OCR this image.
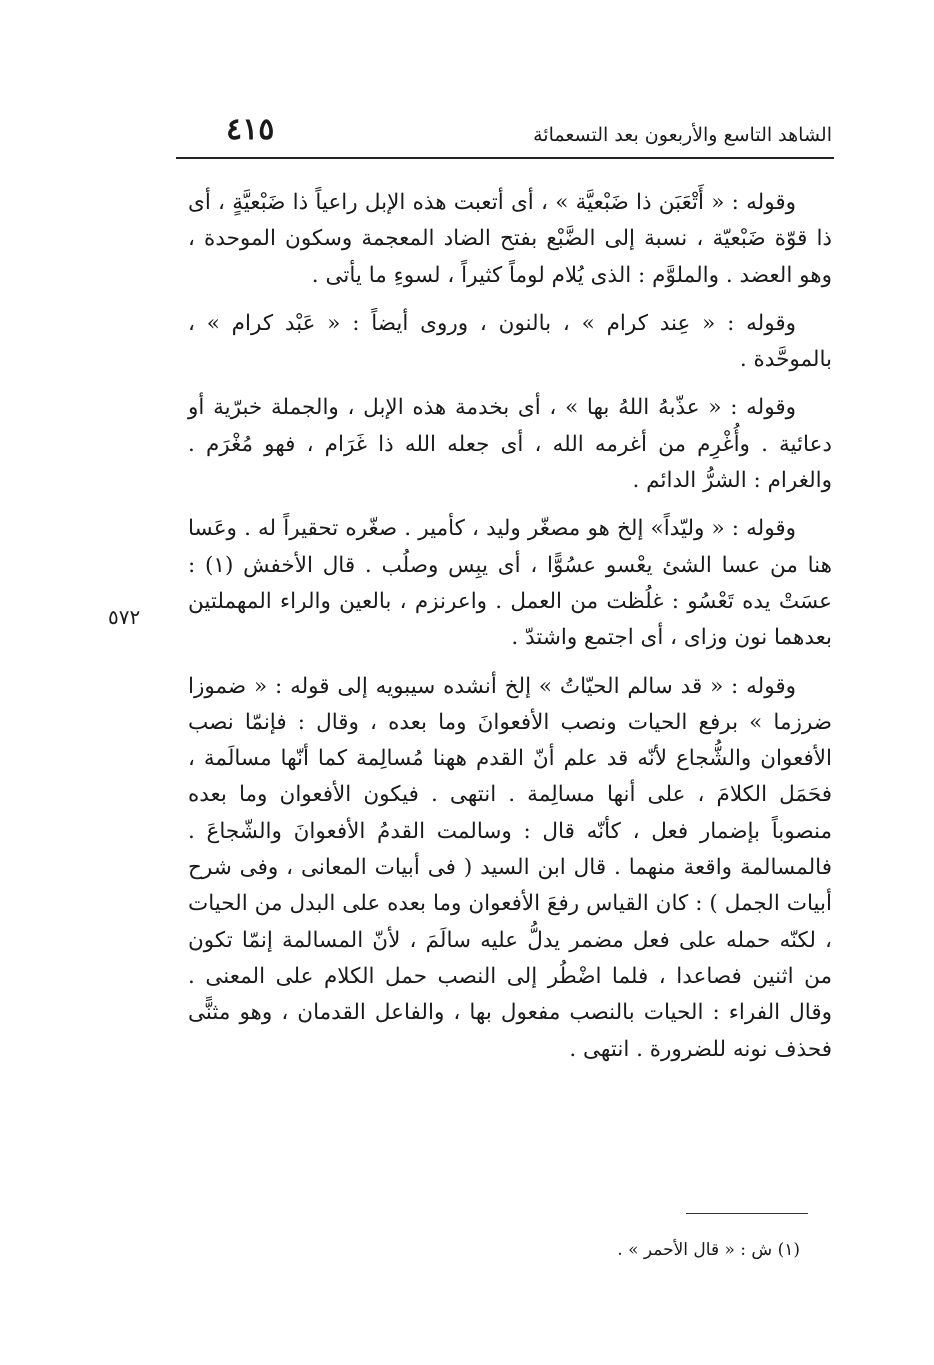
الشاهد التاسع والأربعون بعد التسعمائة
٤١٥

وقوله : « أَتْعَبَن ذا ضَبْعيَّة » ، أى أتعبت هذه الإبل راعياً ذا ضَبْعيَّةٍ ، أى ذا قوّة ضَبْعيّة ، نسبة إلى الضَّبْع بفتح الضاد المعجمة وسكون الموحدة ، وهو العضد . والملوَّم : الذى يُلام لوماً كثيراً ، لسوءِ ما يأتى .

وقوله : « عِند كرام » ، بالنون ، وروى أيضاً : « عَبْد كرام » ، بالموحَّدة .

وقوله : « عذّبهُ اللهُ بها » ، أى بخدمة هذه الإبل ، والجملة خبرّية أو دعائية . وأُغْرِم من أغرمه الله ، أى جعله الله ذا غَرَام ، فهو مُغْرَم . والغرام : الشرُّ الدائم .

وقوله : « وليّداً» إلخ هو مصغّر وليد ، كأمير . صغّره تحقيراً له . وعَسا هنا من عسا الشئ يعْسو عسُوًّا ، أى يبِس وصلُب . قال الأخفش (١) : عسَتْ يده تَعْسُو : غلُظت من العمل . واعرنزم ، بالعين والراء المهملتين بعدهما نون وزاى ، أى اجتمع واشتدّ .

وقوله : « قد سالم الحيّاتُ » إلخ أنشده سيبويه إلى قوله : « ضموزا ضرزما » برفع الحيات ونصب الأفعوانَ وما بعده ، وقال : فإنمّا نصب الأفعوان والشُّجاع لأنّه قد علم أنّ القدم ههنا مُسالِمة كما أنّها مسالَمة ، فحَمَل الكلامَ ، على أنها مسالِمة . انتهى . فيكون الأفعوان وما بعده منصوباً بإضمار فعل ، كأنّه قال : وسالمت القدمُ الأفعوانَ والشّجاعَ . فالمسالمة واقعة منهما . قال ابن السيد ( فى أبيات المعانى ، وفى شرح أبيات الجمل ) : كان القياس رفعَ الأفعوان وما بعده على البدل من الحيات ، لكنّه حمله على فعل مضمر يدلُّ عليه سالَمَ ، لأنّ المسالمة إنمّا تكون من اثنين فصاعدا ، فلما اضْطُر إلى النصب حمل الكلام على المعنى . وقال الفراء : الحيات بالنصب مفعول بها ، والفاعل القدمان ، وهو مثنًّى فحذف نونه للضرورة . انتهى .

٥٧٢
(١) ش : « قال الأحمر » .
